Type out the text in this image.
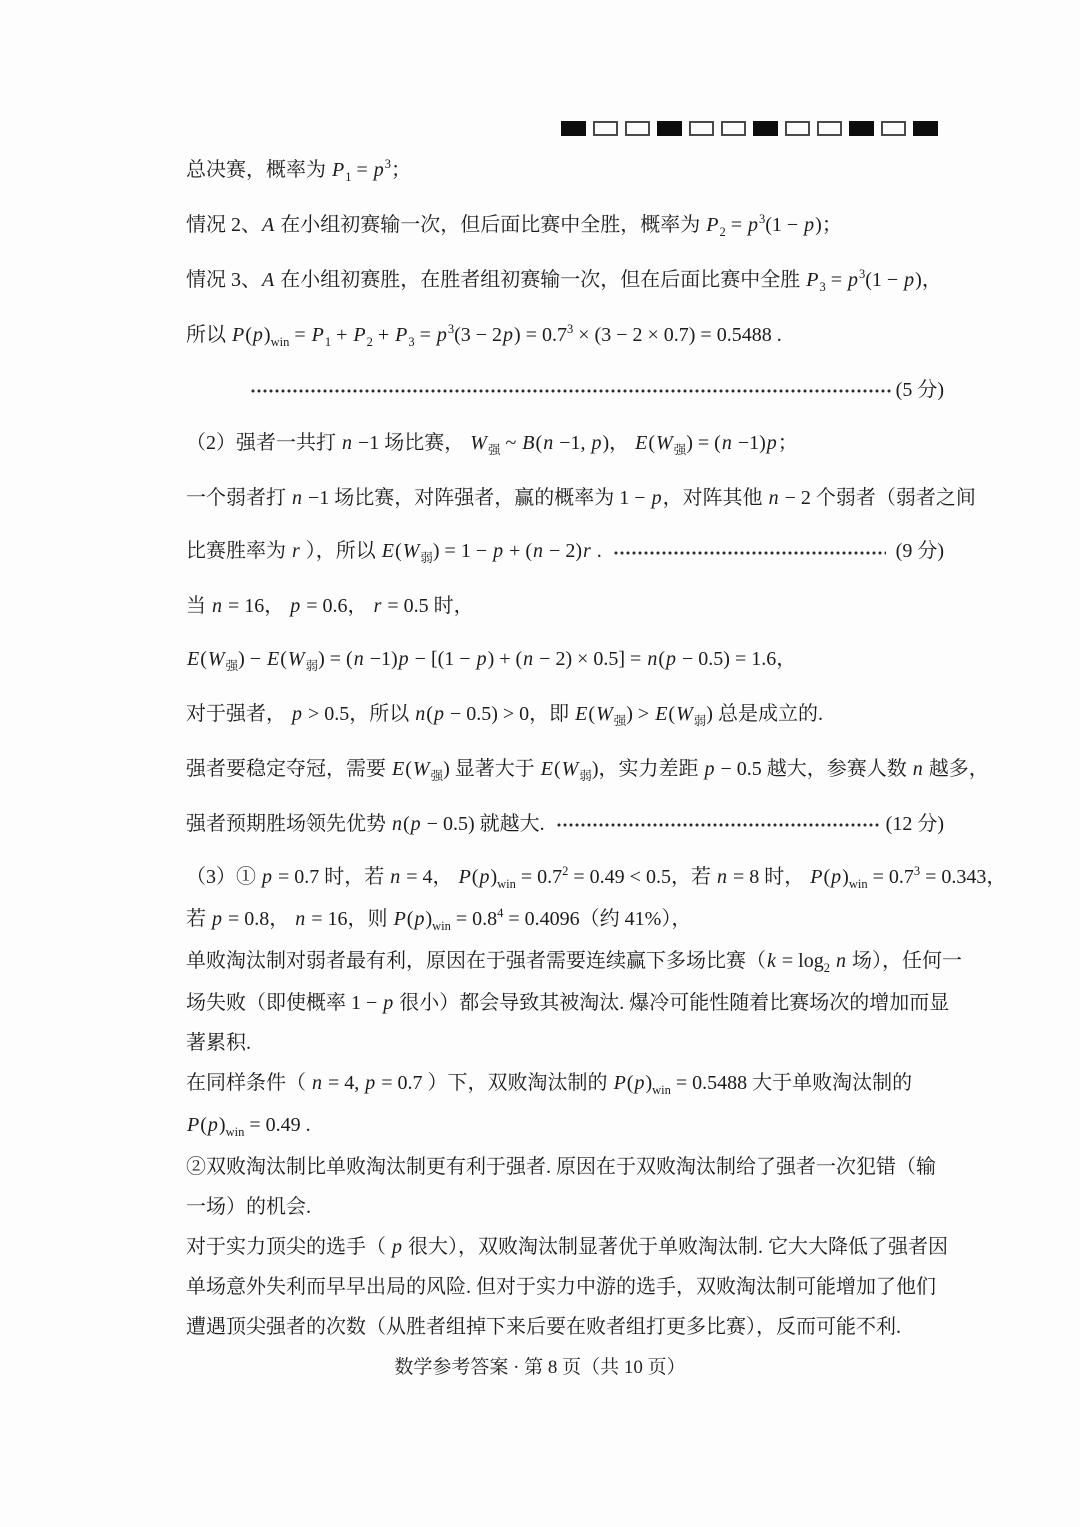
总决赛，概率为 P 1 = p 3 ；
情况 2、 A 在小组初赛输一次，但后面比赛中全胜，概率为 P 2 = p 3 (1 − p )；
情况 3、 A 在小组初赛胜，在胜者组初赛输一次，但在后面比赛中全胜 P 3 = p 3 (1 − p )，
所以 P ( p ) win = P 1 + P 2 + P 3 = p 3 (3 − 2 p ) = 0.7 3 × (3 − 2 × 0.7) = 0.5488 .
(5 分)
（2）强者一共打 n −1 场比赛， W 强 ~ B ( n −1, p )， E ( W 强 ) = ( n −1) p ；
一个弱者打 n −1 场比赛，对阵强者，赢的概率为 1 − p ，对阵其他 n − 2 个弱者（弱者之间
比赛胜率为 r ），所以 E ( W 弱 ) = 1 − p + ( n − 2) r .	(9 分)
当 n = 16， p = 0.6， r = 0.5 时，
E ( W 强 ) − E ( W 弱 ) = ( n −1) p − [(1 − p ) + ( n − 2) × 0.5] = n ( p − 0.5) = 1.6，
对于强者， p > 0.5，所以 n ( p − 0.5) > 0，即 E ( W 强 ) > E ( W 弱 ) 总是成立的.
强者要稳定夺冠，需要 E ( W 强 ) 显著大于 E ( W 弱 )，实力差距 p − 0.5 越大，参赛人数 n 越多，
强者预期胜场领先优势 n ( p − 0.5) 就越大.	(12 分)
（3）① p = 0.7 时，若 n = 4， P ( p ) win = 0.7 2 = 0.49 < 0.5，若 n = 8 时， P ( p ) win = 0.7 3 = 0.343，
若 p = 0.8， n = 16，则 P ( p ) win = 0.8 4 = 0.4096（约 41%），
单败淘汰制对弱者最有利，原因在于强者需要连续赢下多场比赛（ k = log 2
n 场），任何一
场失败（即使概率 1 − p 很小）都会导致其被淘汰. 爆冷可能性随着比赛场次的增加而显
著累积.
在同样条件（ n = 4, p = 0.7 ）下，双败淘汰制的 P ( p ) win = 0.5488 大于单败淘汰制的
P ( p ) win = 0.49 .
②双败淘汰制比单败淘汰制更有利于强者. 原因在于双败淘汰制给了强者一次犯错（输
一场）的机会.
对于实力顶尖的选手（ p 很大），双败淘汰制显著优于单败淘汰制. 它大大降低了强者因
单场意外失利而早早出局的风险. 但对于实力中游的选手，双败淘汰制可能增加了他们
遭遇顶尖强者的次数（从胜者组掉下来后要在败者组打更多比赛），反而可能不利.
数学参考答案 · 第 8 页（共 10 页）
